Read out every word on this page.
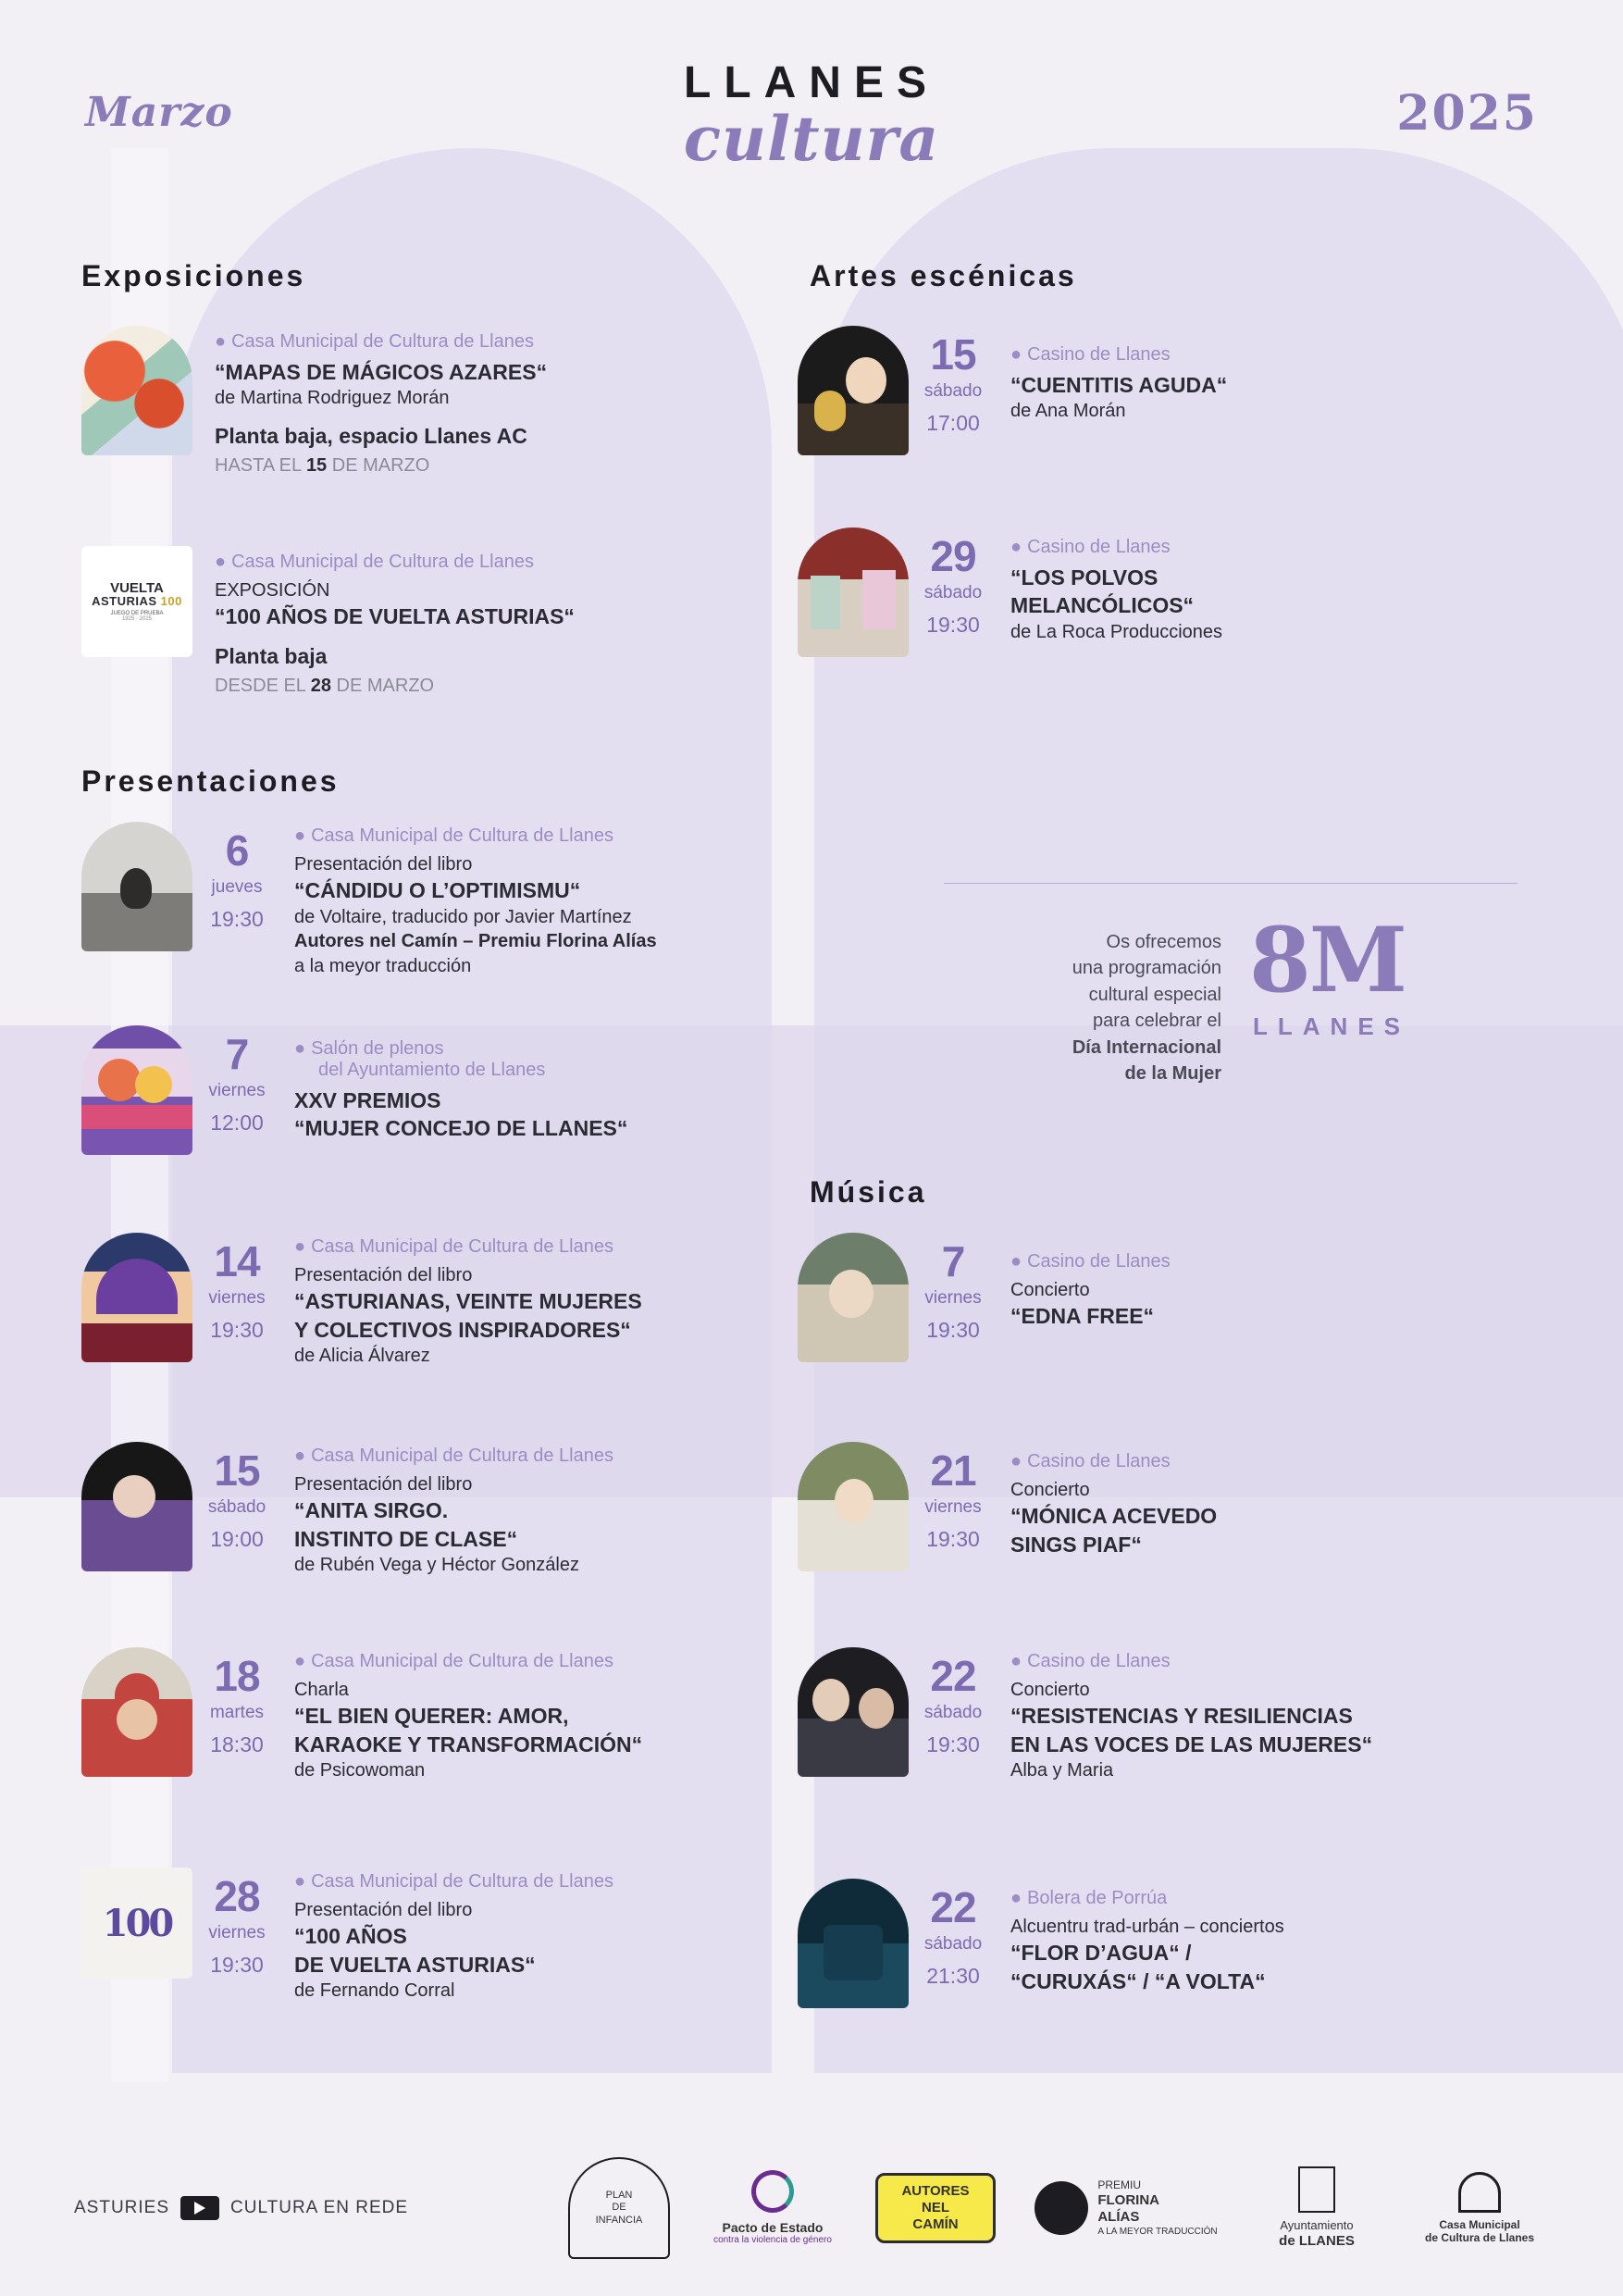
Marzo
LLANES
cultura	2025
Exposiciones
Presentaciones
Artes escénicas
Música
● Casa Municipal de Cultura de Llanes
“MAPAS DE MÁGICOS AZARES“
de Martina Rodriguez Morán
Planta baja, espacio Llanes AC
HASTA EL 15 DE MARZO
VUELTA
ASTURIAS 100
JUEGO DE PRUEBA
1925 · 2025
● Casa Municipal de Cultura de Llanes
EXPOSICIÓN
“100 AÑOS DE VUELTA ASTURIAS“
Planta baja
DESDE EL 28 DE MARZO
6
jueves
19:30
● Casa Municipal de Cultura de Llanes
Presentación del libro
“CÁNDIDU O L’OPTIMISMU“
de Voltaire, traducido por Javier Martínez
Autores nel Camín – Premiu Florina Alías
a la meyor traducción
7
viernes
12:00
● Salón de plenos
del Ayuntamiento de Llanes
XXV PREMIOS
“MUJER CONCEJO DE LLANES“
14
viernes
19:30
● Casa Municipal de Cultura de Llanes
Presentación del libro
“ASTURIANAS, VEINTE MUJERES
Y COLECTIVOS INSPIRADORES“
de Alicia Álvarez
15
sábado
19:00
● Casa Municipal de Cultura de Llanes
Presentación del libro
“ANITA SIRGO.
INSTINTO DE CLASE“
de Rubén Vega y Héctor González
18
martes
18:30
● Casa Municipal de Cultura de Llanes
Charla
“EL BIEN QUERER: AMOR,
KARAOKE Y TRANSFORMACIÓN“
de Psicowoman
100
28
viernes
19:30
● Casa Municipal de Cultura de Llanes
Presentación del libro
“100 AÑOS
DE VUELTA ASTURIAS“
de Fernando Corral
15
sábado
17:00
● Casino de Llanes
“CUENTITIS AGUDA“
de Ana Morán
29
sábado
19:30
● Casino de Llanes
“LOS POLVOS
MELANCÓLICOS“
de La Roca Producciones
Os ofrecemos
una programación
cultural especial
para celebrar el
Día Internacional
de la Mujer
8M
LLANES
7
viernes
19:30
● Casino de Llanes
Concierto
“EDNA FREE“
21
viernes
19:30
● Casino de Llanes
Concierto
“MÓNICA ACEVEDO
SINGS PIAF“
22
sábado
19:30
● Casino de Llanes
Concierto
“RESISTENCIAS Y RESILIENCIAS
EN LAS VOCES DE LAS MUJERES“
Alba y Maria
22
sábado
21:30
● Bolera de Porrúa
Alcuentru trad-urbán – conciertos
“FLOR D’AGUA“ /
“CURUXÁS“ / “A VOLTA“
ASTURIES	CULTURA EN REDE
PLAN
DE
INFANCIA	Pacto de Estado
contra la violencia de género
AUTORES
NEL
CAMÍN
PREMIU
FLORINA
ALÍAS
A LA MEYOR TRADUCCIÓN	Ayuntamiento
de LLANES
Casa Municipal
de Cultura de Llanes
